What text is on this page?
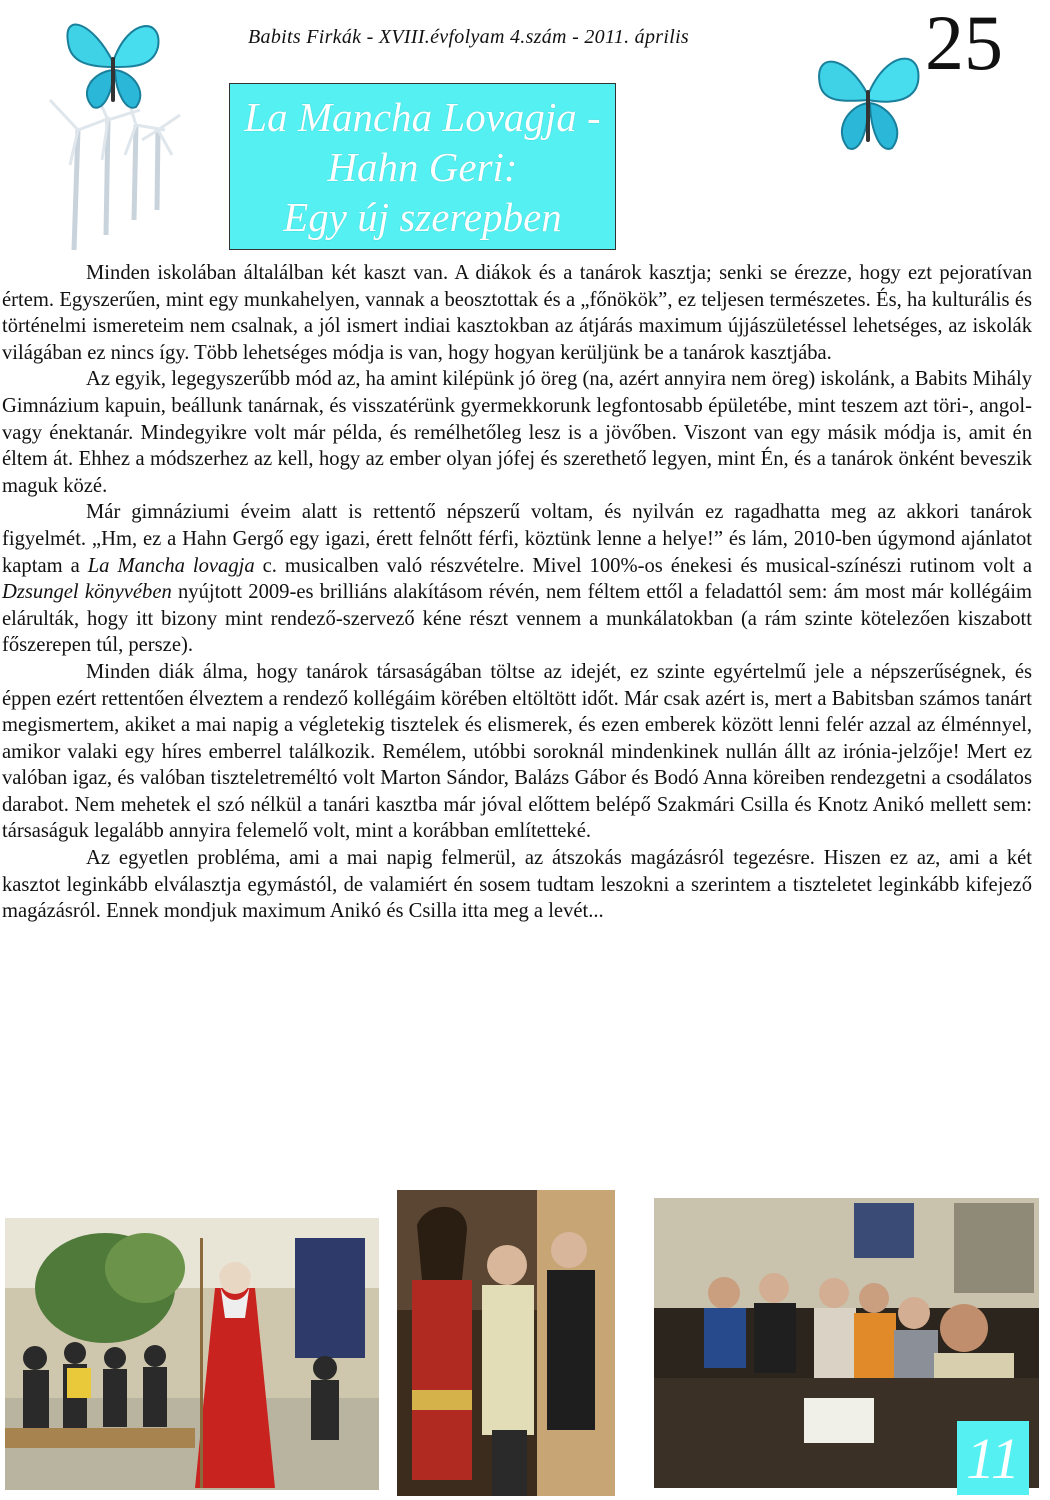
Babits Firkák - XVIII.évfolyam 4.szám - 2011. április	25
La Mancha Lovagja -
Hahn Geri:
Egy új szerepben

Minden iskolában általálban két kaszt van. A diákok és a tanárok kasztja; senki se érezze, hogy ezt pejoratívan értem. Egyszerűen, mint egy munkahelyen, vannak a beosztottak és a „főnökök”, ez teljesen természetes. És, ha kulturális és történelmi ismereteim nem csalnak, a jól ismert indiai kasztokban az átjárás maximum újjászületéssel lehetséges, az iskolák világában ez nincs így. Több lehetséges módja is van, hogy hogyan kerüljünk be a tanárok kasztjába.

Az egyik, legegyszerűbb mód az, ha amint kilépünk jó öreg (na, azért annyira nem öreg) iskolánk, a Babits Mihály Gimnázium kapuin, beállunk tanárnak, és visszatérünk gyermekkorunk legfontosabb épületébe, mint teszem azt töri-, angol- vagy énektanár. Mindegyikre volt már példa, és remélhetőleg lesz is a jövőben. Viszont van egy másik módja is, amit én éltem át. Ehhez a módszerhez az kell, hogy az ember olyan jófej és szerethető legyen, mint Én, és a tanárok önként beveszik maguk közé.

Már gimnáziumi éveim alatt is rettentő népszerű voltam, és nyilván ez ragadhatta meg az akkori tanárok figyelmét. „Hm, ez a Hahn Gergő egy igazi, érett felnőtt férfi, köztünk lenne a helye!” és lám, 2010-ben úgymond ajánlatot kaptam a La Mancha lovagja c. musicalben való részvételre. Mivel 100%-os énekesi és musical-színészi rutinom volt a Dzsungel könyvében nyújtott 2009-es brilliáns alakításom révén, nem féltem ettől a feladattól sem: ám most már kollégáim elárulták, hogy itt bizony mint rendező-szervező kéne részt vennem a munkálatokban (a rám szinte kötelezően kiszabott főszerepen túl, persze).

Minden diák álma, hogy tanárok társaságában töltse az idejét, ez szinte egyértelmű jele a népszerűségnek, és éppen ezért rettentően élveztem a rendező kollégáim körében eltöltött időt. Már csak azért is, mert a Babitsban számos tanárt megismertem, akiket a mai napig a végletekig tisztelek és elismerek, és ezen emberek között lenni felér azzal az élménnyel, amikor valaki egy híres emberrel találkozik. Remélem, utóbbi soroknál mindenkinek nullán állt az irónia-jelzője! Mert ez valóban igaz, és valóban tiszteletreméltó volt Marton Sándor, Balázs Gábor és Bodó Anna köreiben rendezgetni a csodálatos darabot. Nem mehetek el szó nélkül a tanári kasztba már jóval előttem belépő Szakmári Csilla és Knotz Anikó mellett sem: társaságuk legalább annyira felemelő volt, mint a korábban említetteké.

Az egyetlen probléma, ami a mai napig felmerül, az átszokás magázásról tegezésre. Hiszen ez az, ami a két kasztot leginkább elválasztja egymástól, de valamiért én sosem tudtam leszokni a szerintem a tiszteletet leginkább kifejező magázásról. Ennek mondjuk maximum Anikó és Csilla itta meg a levét...

11
